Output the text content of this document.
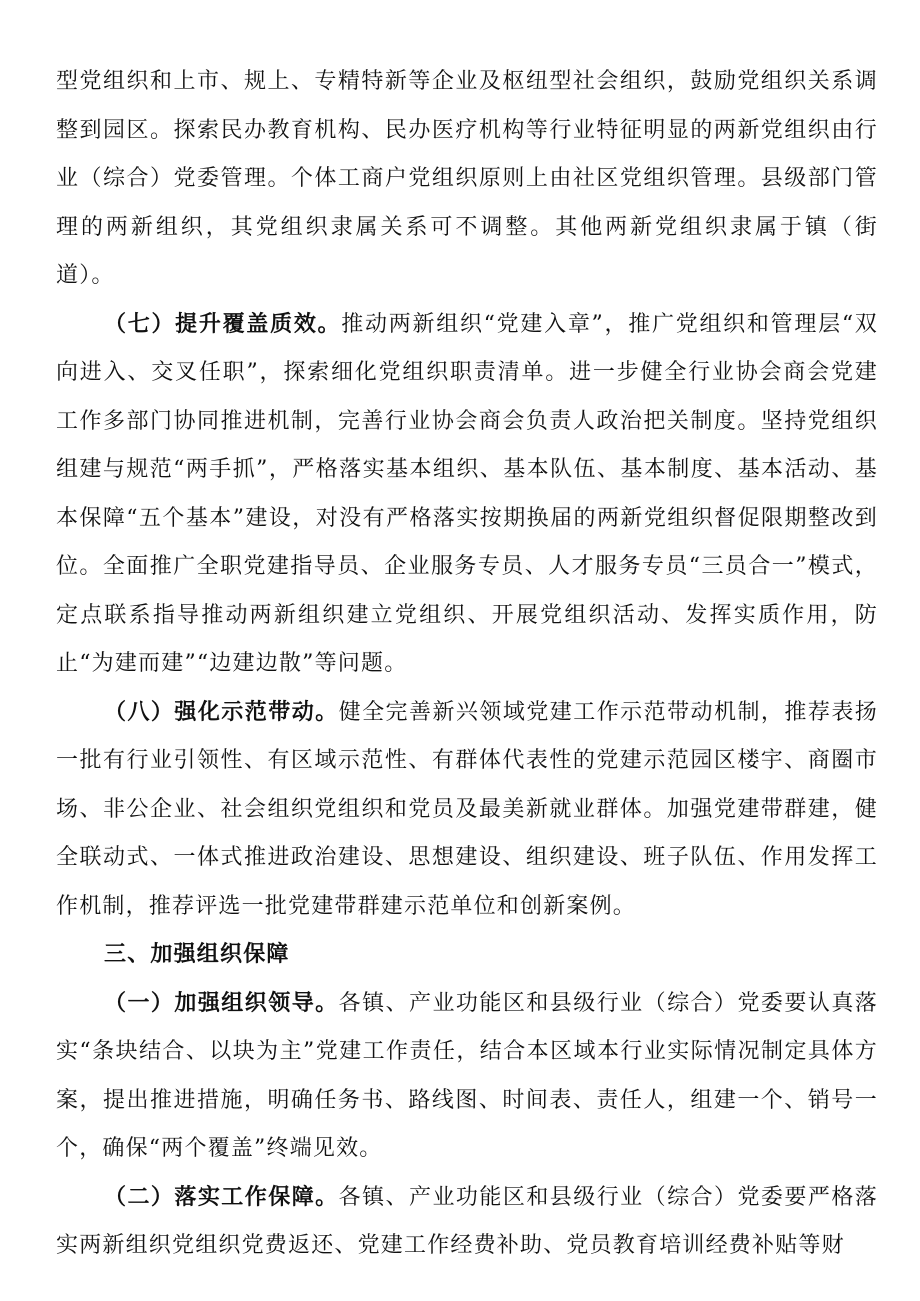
型党组织和上市、规上、专精特新等企业及枢纽型社会组织，鼓励党组织关系调整到园区。探索民办教育机构、民办医疗机构等行业特征明显的两新党组织由行业（综合）党委管理。个体工商户党组织原则上由社区党组织管理。县级部门管理的两新组织，其党组织隶属关系可不调整。其他两新党组织隶属于镇（街道）。

（七）提升覆盖质效。推动两新组织“党建入章”，推广党组织和管理层“双向进入、交叉任职”，探索细化党组织职责清单。进一步健全行业协会商会党建工作多部门协同推进机制，完善行业协会商会负责人政治把关制度。坚持党组织组建与规范“两手抓”，严格落实基本组织、基本队伍、基本制度、基本活动、基本保障“五个基本”建设，对没有严格落实按期换届的两新党组织督促限期整改到位。全面推广全职党建指导员、企业服务专员、人才服务专员“三员合一”模式，定点联系指导推动两新组织建立党组织、开展党组织活动、发挥实质作用，防止“为建而建”“边建边散”等问题。

（八）强化示范带动。健全完善新兴领域党建工作示范带动机制，推荐表扬一批有行业引领性、有区域示范性、有群体代表性的党建示范园区楼宇、商圈市场、非公企业、社会组织党组织和党员及最美新就业群体。加强党建带群建，健全联动式、一体式推进政治建设、思想建设、组织建设、班子队伍、作用发挥工作机制，推荐评选一批党建带群建示范单位和创新案例。

三、加强组织保障

（一）加强组织领导。各镇、产业功能区和县级行业（综合）党委要认真落实“条块结合、以块为主”党建工作责任，结合本区域本行业实际情况制定具体方案，提出推进措施，明确任务书、路线图、时间表、责任人，组建一个、销号一个，确保“两个覆盖”终端见效。

（二）落实工作保障。各镇、产业功能区和县级行业（综合）党委要严格落实两新组织党组织党费返还、党建工作经费补助、党员教育培训经费补贴等财
